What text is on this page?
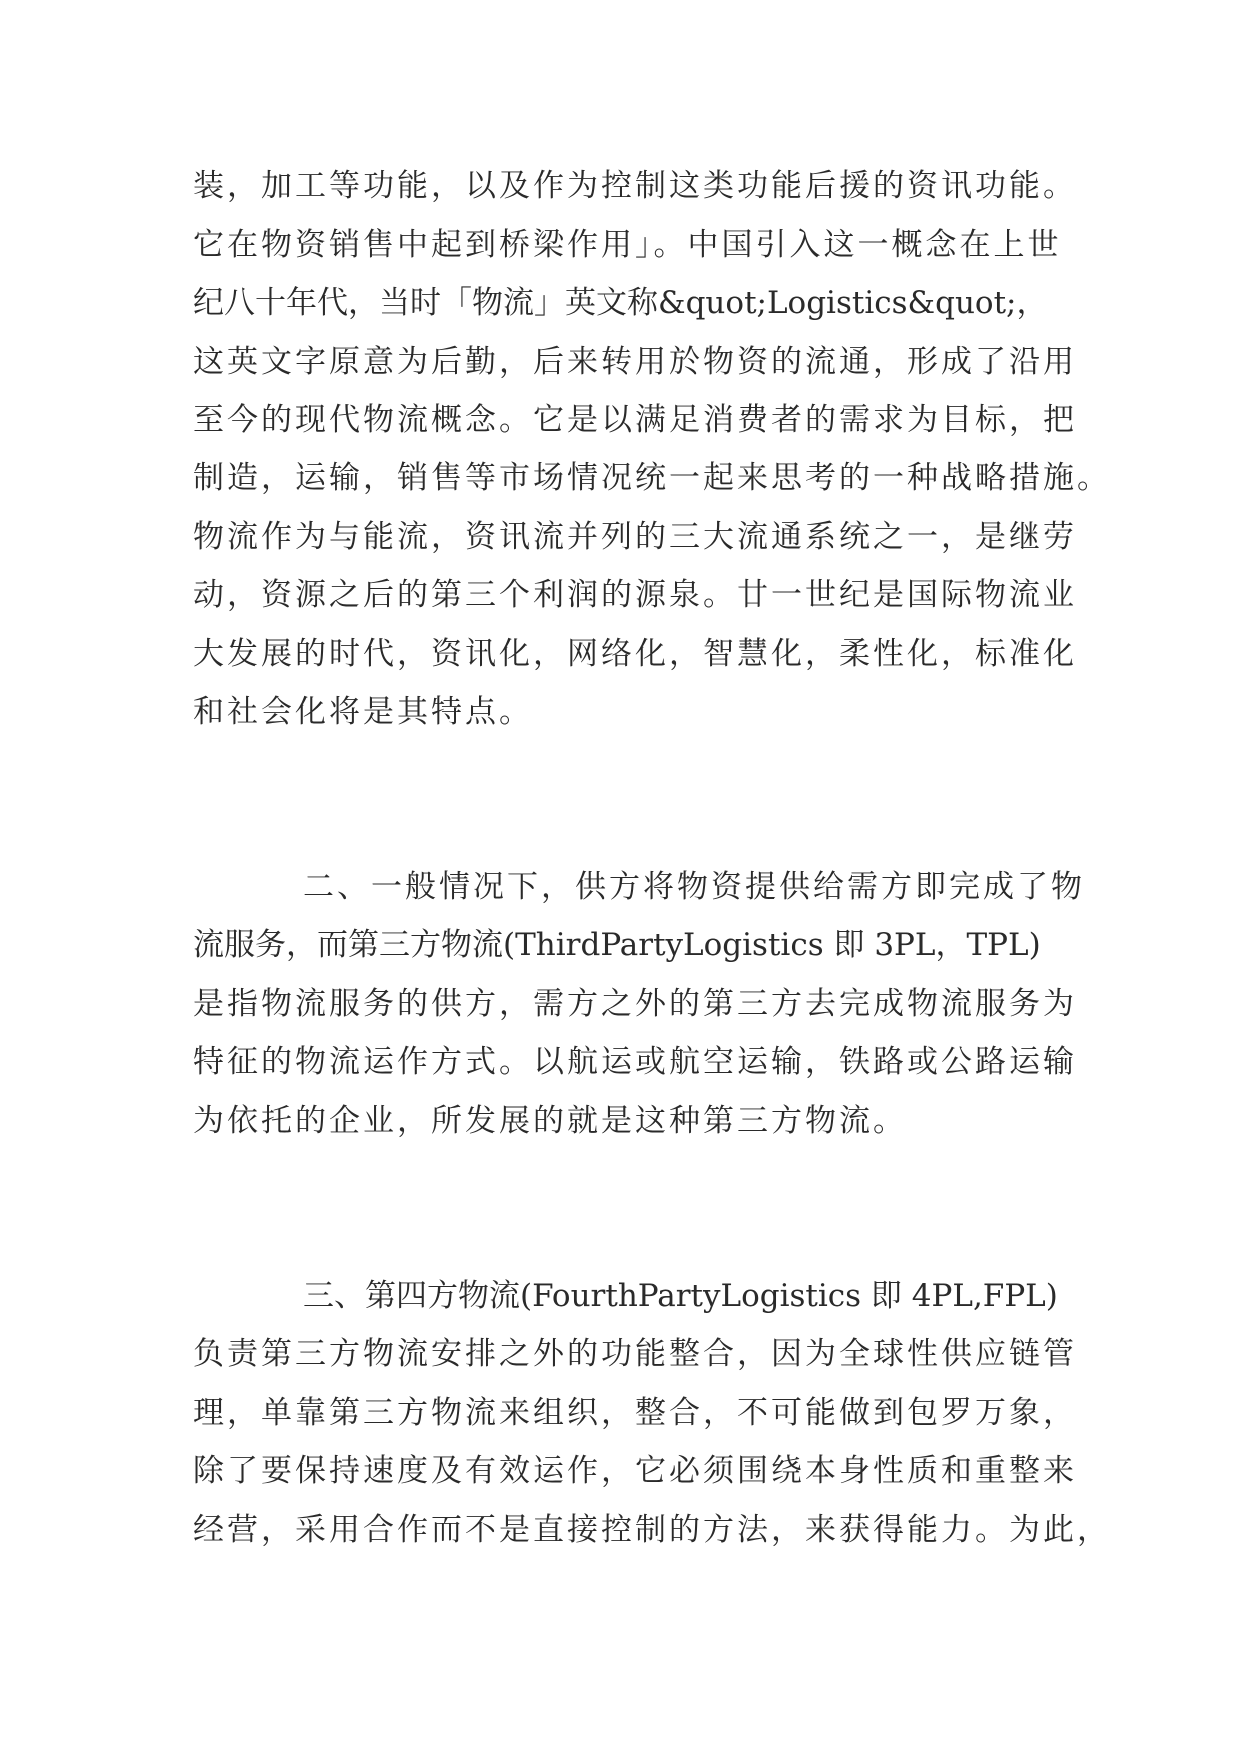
装，加工等功能，以及作为控制这类功能后援的资讯功能。
它在物资销售中起到桥梁作用」。中国引入这一概念在上世
纪八十年代，当时「物流」英文称&quot;Logistics&quot;，
这英文字原意为后勤，后来转用於物资的流通，形成了沿用
至今的现代物流概念。它是以满足消费者的需求为目标，把
制造，运输，销售等市场情况统一起来思考的一种战略措施。
物流作为与能流，资讯流并列的三大流通系统之一，是继劳
动，资源之后的第三个利润的源泉。廿一世纪是国际物流业
大发展的时代，资讯化，网络化，智慧化，柔性化，标准化
和社会化将是其特点。
二、一般情况下，供方将物资提供给需方即完成了物
流服务，而第三方物流(ThirdPartyLogistics 即 3PL，TPL)
是指物流服务的供方，需方之外的第三方去完成物流服务为
特征的物流运作方式。以航运或航空运输，铁路或公路运输
为依托的企业，所发展的就是这种第三方物流。
三、第四方物流(FourthPartyLogistics 即 4PL,FPL)
负责第三方物流安排之外的功能整合，因为全球性供应链管
理，单靠第三方物流来组织，整合，不可能做到包罗万象，
除了要保持速度及有效运作，它必须围绕本身性质和重整来
经营，采用合作而不是直接控制的方法，来获得能力。为此，
